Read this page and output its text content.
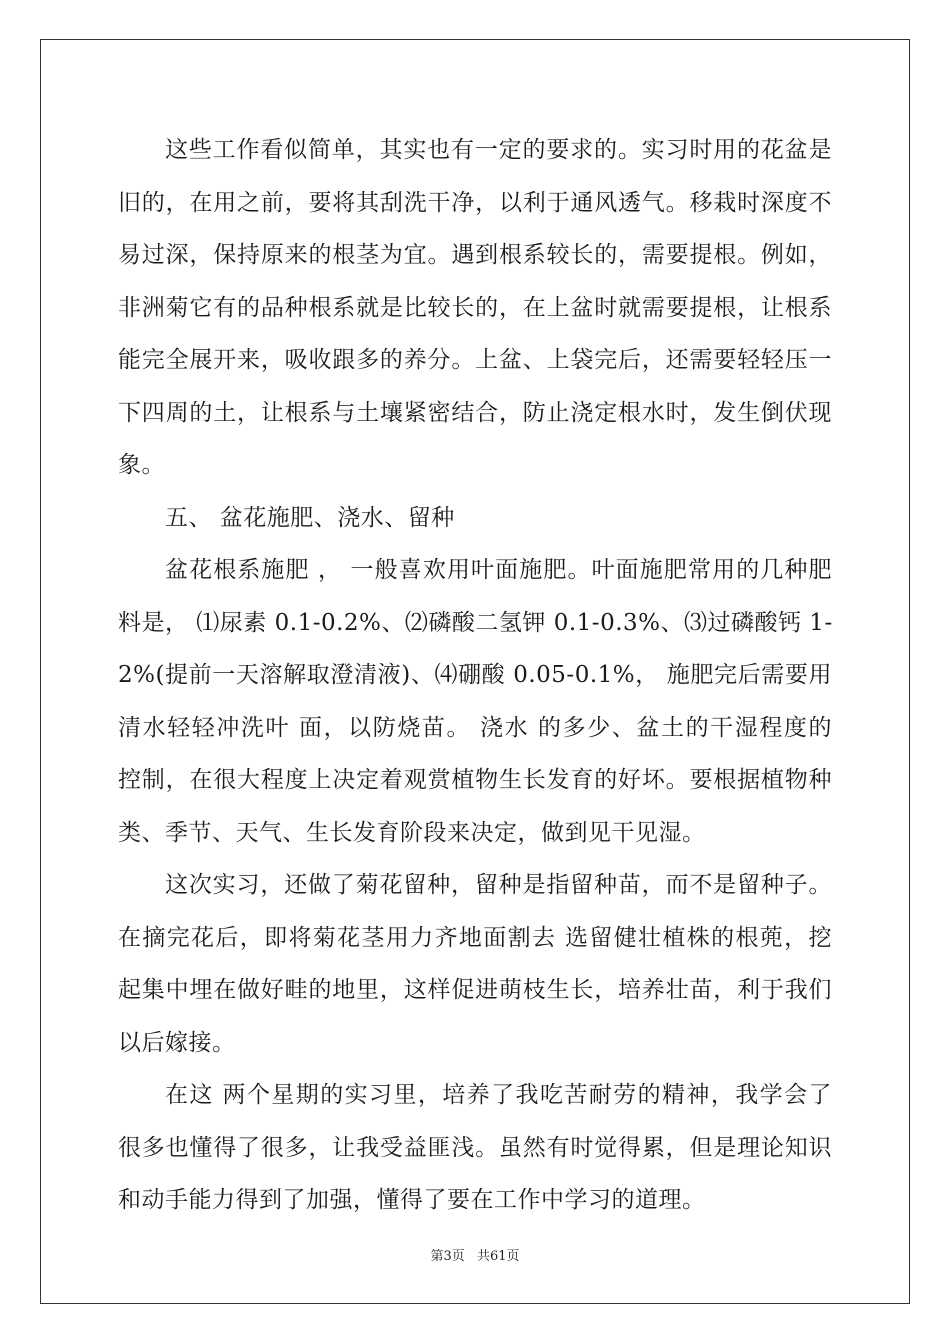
这些工作看似简单，其实也有一定的要求的。实习时用的花盆是
旧的，在用之前，要将其刮洗干净，以利于通风透气。移栽时深度不
易过深，保持原来的根茎为宜。遇到根系较长的，需要提根。例如，
非洲菊它有的品种根系就是比较长的，在上盆时就需要提根，让根系
能完全展开来，吸收跟多的养分。上盆、上袋完后，还需要轻轻压一
下四周的土，让根系与土壤紧密结合，防止浇定根水时，发生倒伏现
象。
五、 盆花施肥、浇水、留种
盆花根系施肥 ， 一般喜欢用叶面施肥。叶面施肥常用的几种肥
料是， ⑴尿素 0.1-0.2%、⑵磷酸二氢钾 0.1-0.3%、⑶过磷酸钙 1-
2%(提前一天溶解取澄清液)、⑷硼酸 0.05-0.1%， 施肥完后需要用
清水轻轻冲洗叶 面，以防烧苗。 浇水 的多少、盆土的干湿程度的
控制，在很大程度上决定着观赏植物生长发育的好坏。要根据植物种
类、季节、天气、生长发育阶段来决定，做到见干见湿。
这次实习，还做了菊花留种，留种是指留种苗，而不是留种子。
在摘完花后，即将菊花茎用力齐地面割去 选留健壮植株的根蔸，挖
起集中埋在做好畦的地里，这样促进萌枝生长，培养壮苗，利于我们
以后嫁接。
在这 两个星期的实习里，培养了我吃苦耐劳的精神，我学会了
很多也懂得了很多，让我受益匪浅。虽然有时觉得累，但是理论知识
和动手能力得到了加强，懂得了要在工作中学习的道理。
第3页 共61页
